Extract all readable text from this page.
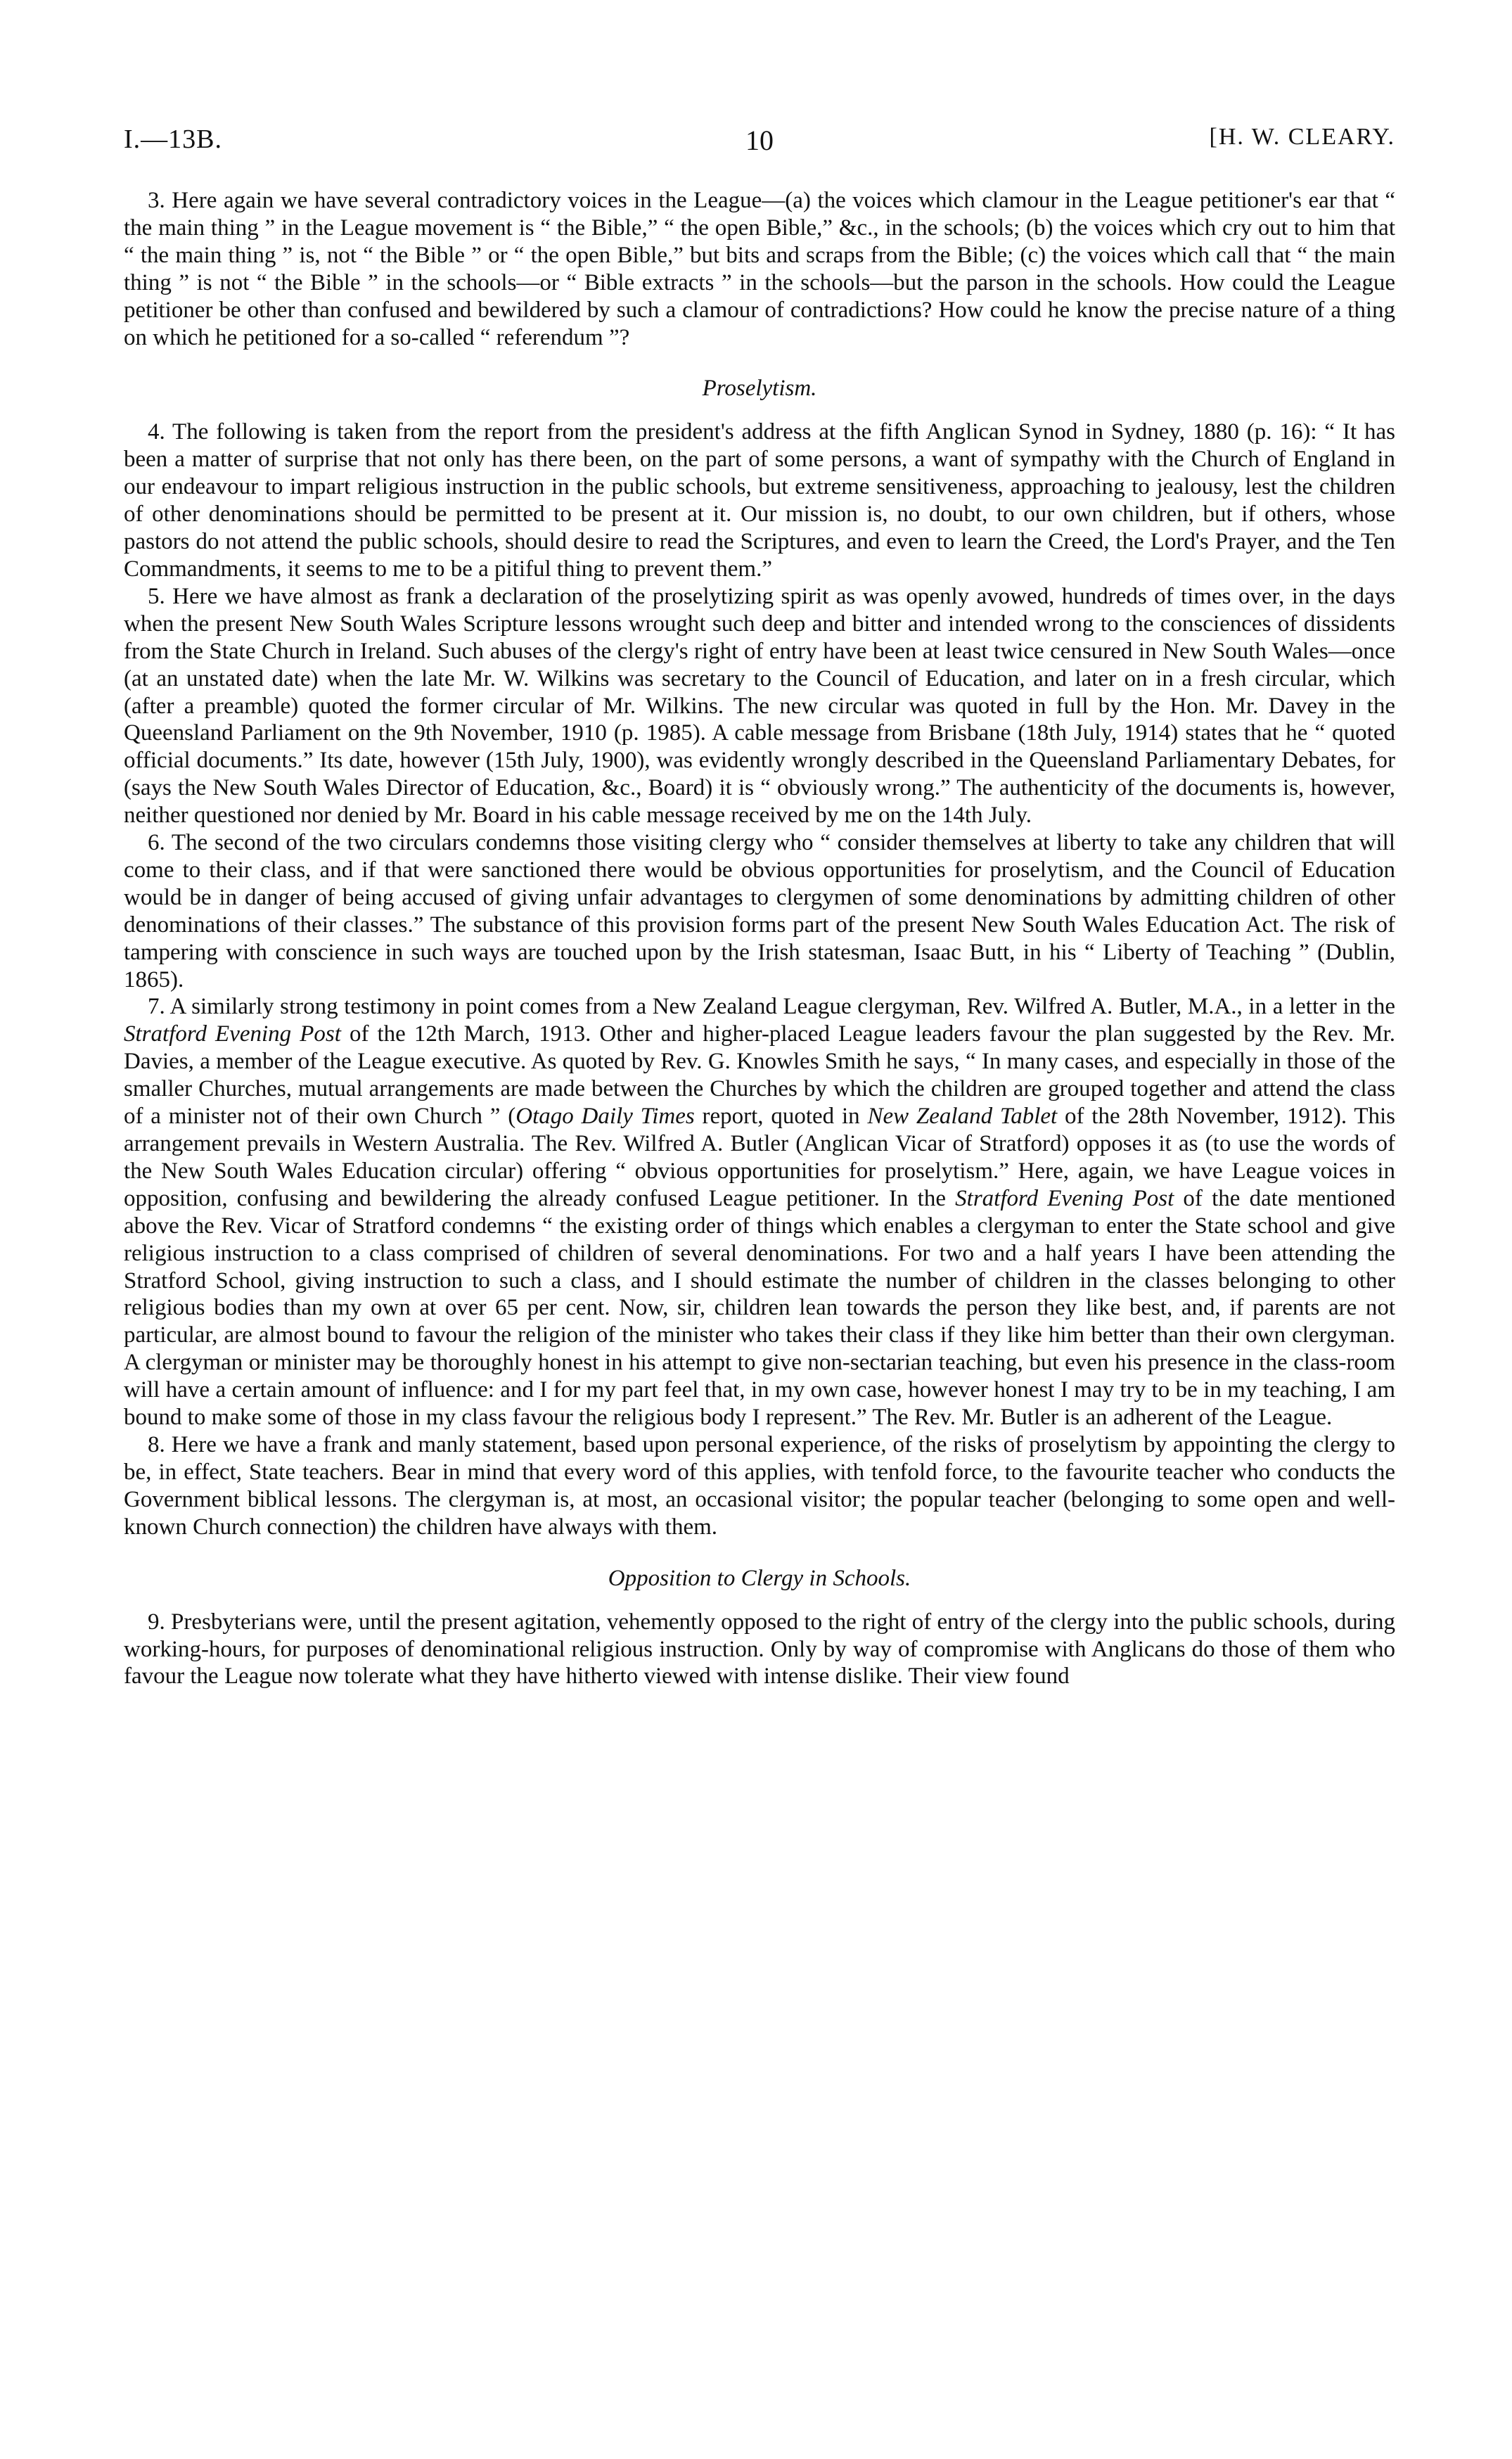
I.—13B.	10	[H. W. CLEARY.

3. Here again we have several contradictory voices in the League—(a) the voices which clamour in the League petitioner's ear that “ the main thing ” in the League movement is “ the Bible,” “ the open Bible,” &c., in the schools; (b) the voices which cry out to him that “ the main thing ” is, not “ the Bible ” or “ the open Bible,” but bits and scraps from the Bible; (c) the voices which call that “ the main thing ” is not “ the Bible ” in the schools—or “ Bible extracts ” in the schools—but the parson in the schools. How could the League petitioner be other than confused and bewildered by such a clamour of contradictions? How could he know the precise nature of a thing on which he petitioned for a so-called “ referendum ”?

Proselytism.

4. The following is taken from the report from the president's address at the fifth Anglican Synod in Sydney, 1880 (p. 16): “ It has been a matter of surprise that not only has there been, on the part of some persons, a want of sympathy with the Church of England in our endeavour to impart religious instruction in the public schools, but extreme sensitiveness, approaching to jealousy, lest the children of other denominations should be permitted to be present at it. Our mission is, no doubt, to our own children, but if others, whose pastors do not attend the public schools, should desire to read the Scriptures, and even to learn the Creed, the Lord's Prayer, and the Ten Commandments, it seems to me to be a pitiful thing to prevent them.”

5. Here we have almost as frank a declaration of the proselytizing spirit as was openly avowed, hundreds of times over, in the days when the present New South Wales Scripture lessons wrought such deep and bitter and intended wrong to the consciences of dissidents from the State Church in Ireland. Such abuses of the clergy's right of entry have been at least twice censured in New South Wales—once (at an unstated date) when the late Mr. W. Wilkins was secretary to the Council of Education, and later on in a fresh circular, which (after a preamble) quoted the former circular of Mr. Wilkins. The new circular was quoted in full by the Hon. Mr. Davey in the Queensland Parliament on the 9th November, 1910 (p. 1985). A cable message from Brisbane (18th July, 1914) states that he “ quoted official documents.” Its date, however (15th July, 1900), was evidently wrongly described in the Queensland Parliamentary Debates, for (says the New South Wales Director of Education, &c., Board) it is “ obviously wrong.” The authenticity of the documents is, however, neither questioned nor denied by Mr. Board in his cable message received by me on the 14th July.

6. The second of the two circulars condemns those visiting clergy who “ consider themselves at liberty to take any children that will come to their class, and if that were sanctioned there would be obvious opportunities for proselytism, and the Council of Education would be in danger of being accused of giving unfair advantages to clergymen of some denominations by admitting children of other denominations of their classes.” The substance of this provision forms part of the present New South Wales Education Act. The risk of tampering with conscience in such ways are touched upon by the Irish statesman, Isaac Butt, in his “ Liberty of Teaching ” (Dublin, 1865).

7. A similarly strong testimony in point comes from a New Zealand League clergyman, Rev. Wilfred A. Butler, M.A., in a letter in the Stratford Evening Post of the 12th March, 1913. Other and higher-placed League leaders favour the plan suggested by the Rev. Mr. Davies, a member of the League executive. As quoted by Rev. G. Knowles Smith he says, “ In many cases, and especially in those of the smaller Churches, mutual arrangements are made between the Churches by which the children are grouped together and attend the class of a minister not of their own Church ” (Otago Daily Times report, quoted in New Zealand Tablet of the 28th November, 1912). This arrangement prevails in Western Australia. The Rev. Wilfred A. Butler (Anglican Vicar of Stratford) opposes it as (to use the words of the New South Wales Education circular) offering “ obvious opportunities for proselytism.” Here, again, we have League voices in opposition, confusing and bewildering the already confused League petitioner. In the Stratford Evening Post of the date mentioned above the Rev. Vicar of Stratford condemns “ the existing order of things which enables a clergyman to enter the State school and give religious instruction to a class comprised of children of several denominations. For two and a half years I have been attending the Stratford School, giving instruction to such a class, and I should estimate the number of children in the classes belonging to other religious bodies than my own at over 65 per cent. Now, sir, children lean towards the person they like best, and, if parents are not particular, are almost bound to favour the religion of the minister who takes their class if they like him better than their own clergyman. A clergyman or minister may be thoroughly honest in his attempt to give non-sectarian teaching, but even his presence in the class-room will have a certain amount of influence: and I for my part feel that, in my own case, however honest I may try to be in my teaching, I am bound to make some of those in my class favour the religious body I represent.” The Rev. Mr. Butler is an adherent of the League.

8. Here we have a frank and manly statement, based upon personal experience, of the risks of proselytism by appointing the clergy to be, in effect, State teachers. Bear in mind that every word of this applies, with tenfold force, to the favourite teacher who conducts the Government biblical lessons. The clergyman is, at most, an occasional visitor; the popular teacher (belonging to some open and well-known Church connection) the children have always with them.

Opposition to Clergy in Schools.

9. Presbyterians were, until the present agitation, vehemently opposed to the right of entry of the clergy into the public schools, during working-hours, for purposes of denominational religious instruction. Only by way of compromise with Anglicans do those of them who favour the League now tolerate what they have hitherto viewed with intense dislike. Their view found
